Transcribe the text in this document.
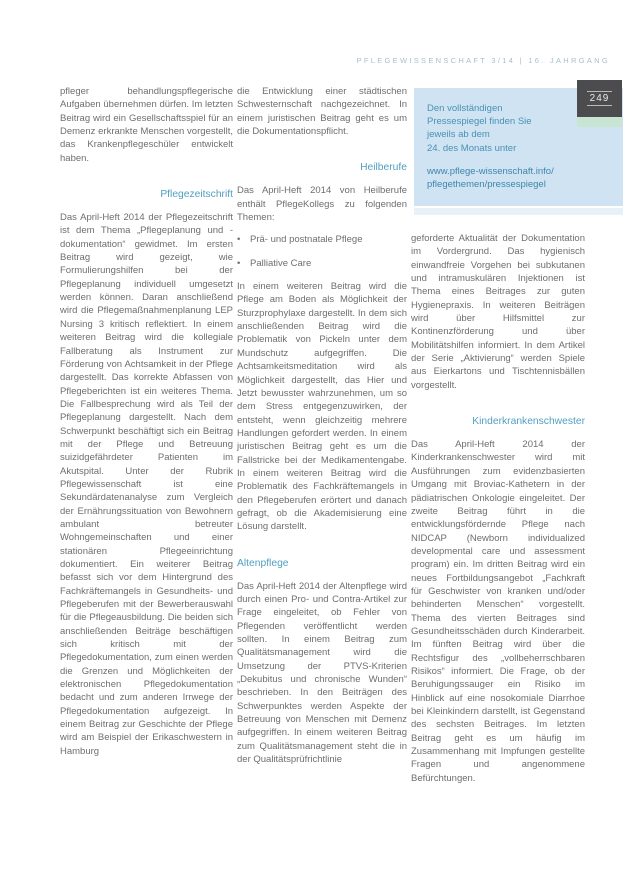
PFLEGEWISSENSCHAFT 3/14 | 16. JAHRGANG
Den vollständigen
Pressespiegel finden Sie
jeweils ab dem
24. des Monats unter
www.pflege-wissenschaft.info/
pflegethemen/pressespiegel
249

pfleger behandlungspflegerische Aufgaben übernehmen dürfen. Im letzten Beitrag wird ein Gesellschaftsspiel für an Demenz erkrankte Menschen vorgestellt, das Krankenpflegeschüler entwickelt haben.

Pflegezeitschrift

Das April-Heft 2014 der Pflegezeitschrift ist dem Thema „Pflegeplanung und -dokumentation“ gewidmet. Im ersten Beitrag wird gezeigt, wie Formulierungshilfen bei der Pflegeplanung individuell umgesetzt werden können. Daran anschließend wird die Pflegemaßnahmenplanung LEP Nursing 3 kritisch reflektiert. In einem weiteren Beitrag wird die kollegiale Fallberatung als Instrument zur Förderung von Achtsamkeit in der Pflege dargestellt. Das korrekte Abfassen von Pflegeberichten ist ein weiteres Thema. Die Fallbesprechung wird als Teil der Pflegeplanung dargestellt. Nach dem Schwerpunkt beschäftigt sich ein Beitrag mit der Pflege und Betreuung suizidgefährdeter Patienten im Akutspital. Unter der Rubrik Pflegewissenschaft ist eine Sekundärdatenanalyse zum Vergleich der Ernährungssituation von Bewohnern ambulant betreuter Wohngemeinschaften und einer stationären Pflegeeinrichtung dokumentiert. Ein weiterer Beitrag befasst sich vor dem Hintergrund des Fachkräftemangels in Gesundheits- und Pflegeberufen mit der Bewerberauswahl für die Pflegeausbildung. Die beiden sich anschließenden Beiträge beschäftigen sich kritisch mit der Pflegedokumentation, zum einen werden die Grenzen und Möglichkeiten der elektronischen Pflegedokumentation bedacht und zum anderen Irrwege der Pflegedokumentation aufgezeigt. In einem Beitrag zur Geschichte der Pflege wird am Beispiel der Erikaschwestern in Hamburg

die Entwicklung einer städtischen Schwesternschaft nachgezeichnet. In einem juristischen Beitrag geht es um die Dokumentationspflicht.

Heilberufe

Das April-Heft 2014 von Heilberufe enthält PflegeKollegs zu folgenden Themen:

•	Prä- und postnatale Pflege
•	Palliative Care

In einem weiteren Beitrag wird die Pflege am Boden als Möglichkeit der Sturzprophylaxe dargestellt. In dem sich anschließenden Beitrag wird die Problematik von Pickeln unter dem Mundschutz aufgegriffen. Die Achtsamkeitsmeditation wird als Möglichkeit dargestellt, das Hier und Jetzt bewusster wahrzunehmen, um so dem Stress entgegenzuwirken, der entsteht, wenn gleichzeitig mehrere Handlungen gefordert werden. In einem juristischen Beitrag geht es um die Fallstricke bei der Medikamentengabe. In einem weiteren Beitrag wird die Problematik des Fachkräftemangels in den Pflegeberufen erörtert und danach gefragt, ob die Akademisierung eine Lösung darstellt.

Altenpflege

Das April-Heft 2014 der Altenpflege wird durch einen Pro- und Contra-Artikel zur Frage eingeleitet, ob Fehler von Pflegenden veröffentlicht werden sollten. In einem Beitrag zum Qualitätsmanagement wird die Umsetzung der PTVS-Kriterien „Dekubitus und chronische Wunden“ beschrieben. In den Beiträgen des Schwerpunktes werden Aspekte der Betreuung von Menschen mit Demenz aufgegriffen. In einem weiteren Beitrag zum Qualitätsmanagement steht die in der Qualitätsprüfrichtlinie

geforderte Aktualität der Dokumentation im Vordergrund. Das hygienisch einwandfreie Vorgehen bei subkutanen und intramuskulären Injektionen ist Thema eines Beitrages zur guten Hygienepraxis. In weiteren Beiträgen wird über Hilfsmittel zur Kontinenzförderung und über Mobilitätshilfen informiert. In dem Artikel der Serie „Aktivierung“ werden Spiele aus Eierkartons und Tischtennisbällen vorgestellt.

Kinderkrankenschwester

Das April-Heft 2014 der Kinderkrankenschwester wird mit Ausführungen zum evidenzbasierten Umgang mit Broviac-Kathetern in der pädiatrischen Onkologie eingeleitet. Der zweite Beitrag führt in die entwicklungsfördernde Pflege nach NIDCAP (Newborn individualized developmental care und assessment program) ein. Im dritten Beitrag wird ein neues Fortbildungsangebot „Fachkraft für Geschwister von kranken und/oder behinderten Menschen“ vorgestellt. Thema des vierten Beitrages sind Gesundheitsschäden durch Kinderarbeit. Im fünften Beitrag wird über die Rechtsfigur des „vollbeherrschbaren Risikos“ informiert. Die Frage, ob der Beruhigungssauger ein Risiko im Hinblick auf eine nosokomiale Diarrhoe bei Kleinkindern darstellt, ist Gegenstand des sechsten Beitrages. Im letzten Beitrag geht es um häufig im Zusammenhang mit Impfungen gestellte Fragen und angenommene Befürchtungen.
